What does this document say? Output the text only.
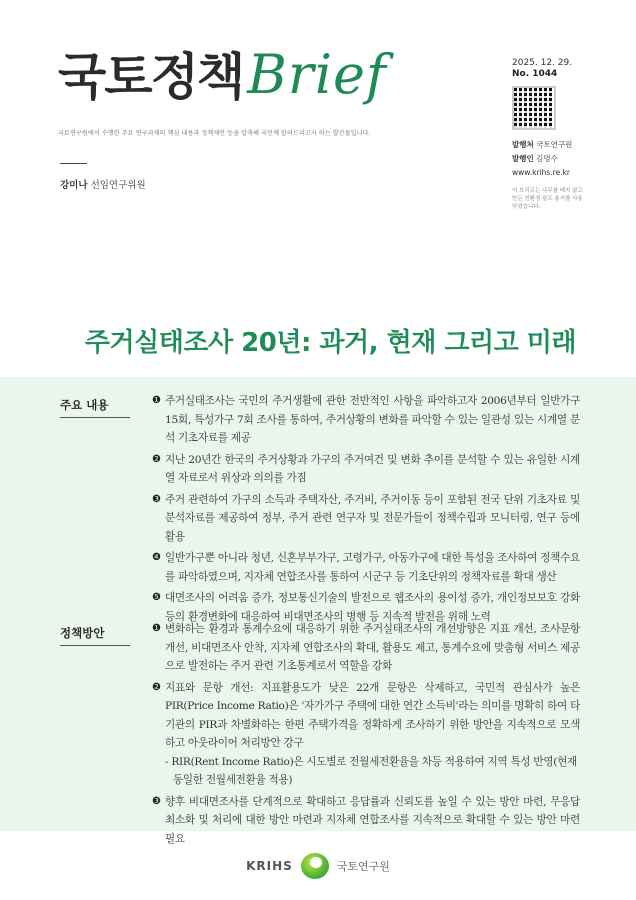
국토정책 Brief
국토연구원에서 수행한 주요 연구과제의 핵심 내용과 정책제안 등을 압축해 국민께 알려드리고자 하는 발간물입니다.
강미나 선임연구위원
2025. 12. 29.
No. 1044
발행처 국토연구원
발행인 김명수
www.krihs.re.kr
이 브리프는 나무를 베지 않고 만든 친환경 펄프 용지를 사용하였습니다.
주거실태조사 20년: 과거, 현재 그리고 미래
주요 내용	❶ 주거실태조사는 국민의 주거생활에 관한 전반적인 사항을 파악하고자 2006년부터 일반가구 15회, 특성가구 7회 조사를 통하여, 주거상황의 변화를 파악할 수 있는 일관성 있는 시계열 분석 기초자료를 제공
❷ 지난 20년간 한국의 주거상황과 가구의 주거여건 및 변화 추이를 분석할 수 있는 유일한 시계열 자료로서 위상과 의의를 가짐
❸ 주거 관련하여 가구의 소득과 주택자산, 주거비, 주거이동 등이 포함된 전국 단위 기초자료 및 분석자료를 제공하여 정부, 주거 관련 연구자 및 전문가들이 정책수립과 모니터링, 연구 등에 활용
❹ 일반가구뿐 아니라 청년, 신혼부부가구, 고령가구, 아동가구에 대한 특성을 조사하여 정책수요를 파악하였으며, 지자체 연합조사를 통하여 시군구 등 기초단위의 정책자료를 확대 생산
❺ 대면조사의 어려움 증가, 정보통신기술의 발전으로 웹조사의 용이성 증가, 개인정보보호 강화 등의 환경변화에 대응하여 비대면조사의 병행 등 지속적 발전을 위해 노력
정책방안	❶ 변화하는 환경과 통계수요에 대응하기 위한 주거실태조사의 개선방향은 지표 개선, 조사문항 개선, 비대면조사 안착, 지자체 연합조사의 확대, 활용도 제고, 통계수요에 맞춤형 서비스 제공으로 발전하는 주거 관련 기초통계로서 역할을 강화
❷ 지표와 문항 개선: 지표활용도가 낮은 22개 문항은 삭제하고, 국민적 관심사가 높은 PIR(Price Income Ratio)은 '자가가구 주택에 대한 연간 소득비'라는 의미를 명확히 하여 타 기관의 PIR과 차별화하는 한편 주택가격을 정확하게 조사하기 위한 방안을 지속적으로 모색하고 아웃라이어 처리방안 강구
- RIR(Rent Income Ratio)은 시도별로 전월세전환율을 차등 적용하여 지역 특성 반영(현재 동일한 전월세전환율 적용)
❸ 향후 비대면조사를 단계적으로 확대하고 응답률과 신뢰도를 높일 수 있는 방안 마련, 무응답 최소화 및 처리에 대한 방안 마련과 지자체 연합조사를 지속적으로 확대할 수 있는 방안 마련 필요
KRIHS	국토연구원
